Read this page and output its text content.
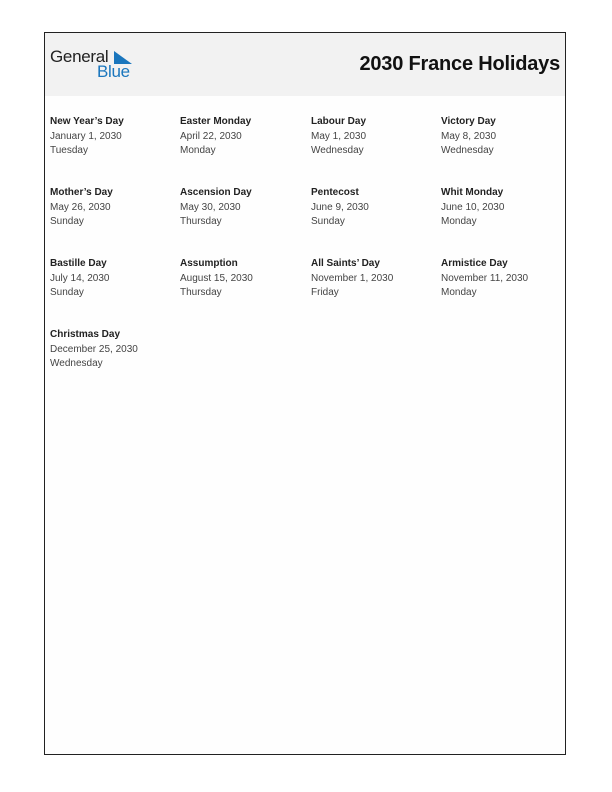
General
Blue	2030 France Holidays
New Year’s Day
January 1, 2030
Tuesday
Easter Monday
April 22, 2030
Monday
Labour Day
May 1, 2030
Wednesday
Victory Day
May 8, 2030
Wednesday
Mother’s Day
May 26, 2030
Sunday
Ascension Day
May 30, 2030
Thursday
Pentecost
June 9, 2030
Sunday
Whit Monday
June 10, 2030
Monday
Bastille Day
July 14, 2030
Sunday
Assumption
August 15, 2030
Thursday
All Saints’ Day
November 1, 2030
Friday
Armistice Day
November 11, 2030
Monday
Christmas Day
December 25, 2030
Wednesday
